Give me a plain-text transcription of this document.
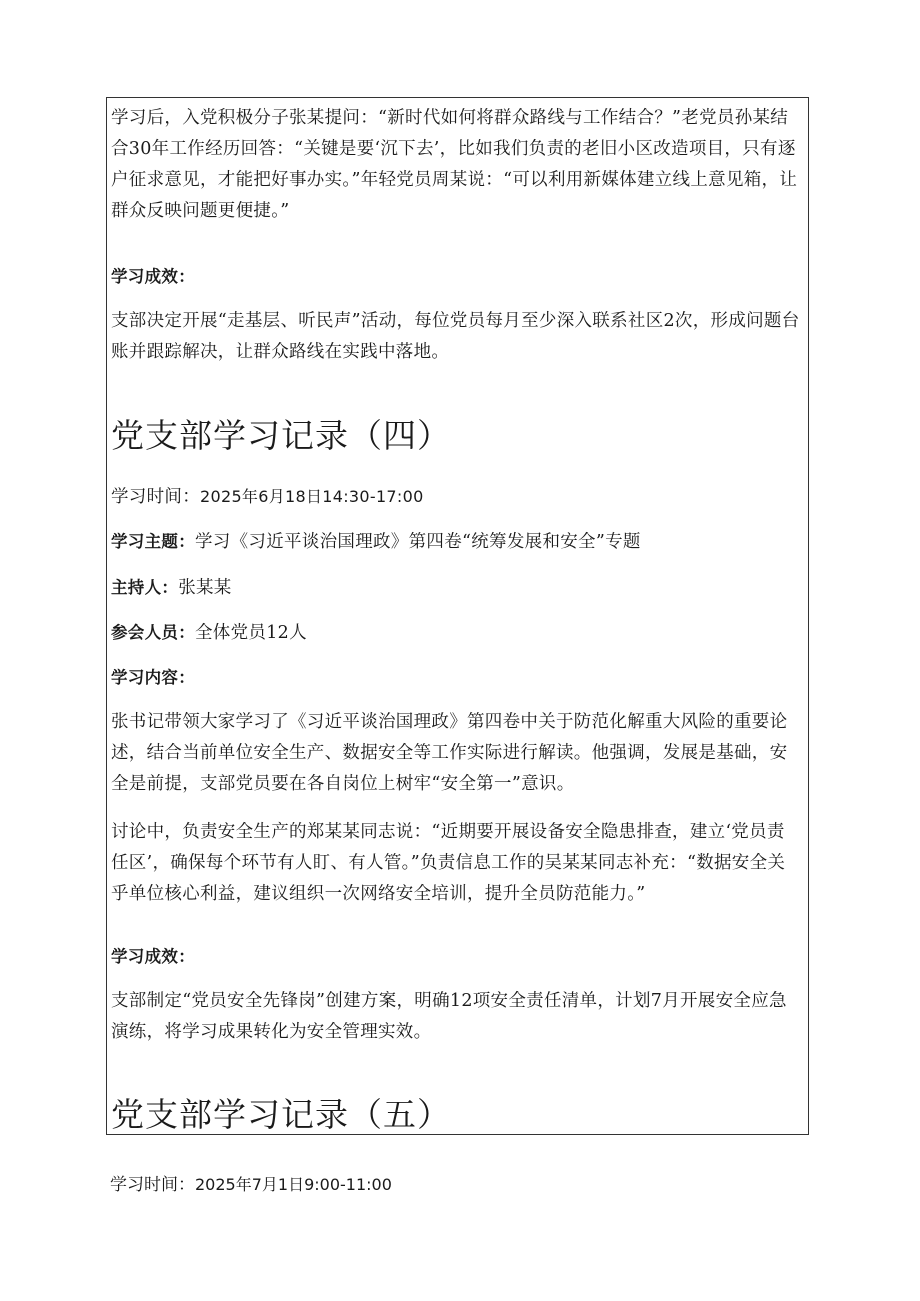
学习后，入党积极分子张某提问：“新时代如何将群众路线与工作结合？”老党员孙某结合30年工作经历回答：“关键是要‘沉下去’，比如我们负责的老旧小区改造项目，只有逐户征求意见，才能把好事办实。”年轻党员周某说：“可以利用新媒体建立线上意见箱，让群众反映问题更便捷。”

学习成效：

支部决定开展“走基层、听民声”活动，每位党员每月至少深入联系社区2次，形成问题台账并跟踪解决，让群众路线在实践中落地。

党支部学习记录（四）

学习时间：2025年6月18日14:30-17:00

学习主题：学习《习近平谈治国理政》第四卷“统筹发展和安全”专题

主持人：张某某

参会人员：全体党员12人

学习内容：

张书记带领大家学习了《习近平谈治国理政》第四卷中关于防范化解重大风险的重要论述，结合当前单位安全生产、数据安全等工作实际进行解读。他强调，发展是基础，安全是前提，支部党员要在各自岗位上树牢“安全第一”意识。

讨论中，负责安全生产的郑某某同志说：“近期要开展设备安全隐患排查，建立‘党员责任区’，确保每个环节有人盯、有人管。”负责信息工作的吴某某同志补充：“数据安全关乎单位核心利益，建议组织一次网络安全培训，提升全员防范能力。”

学习成效：

支部制定“党员安全先锋岗”创建方案，明确12项安全责任清单，计划7月开展安全应急演练，将学习成果转化为安全管理实效。

党支部学习记录（五）
学习时间：2025年7月1日9:00-11:00
